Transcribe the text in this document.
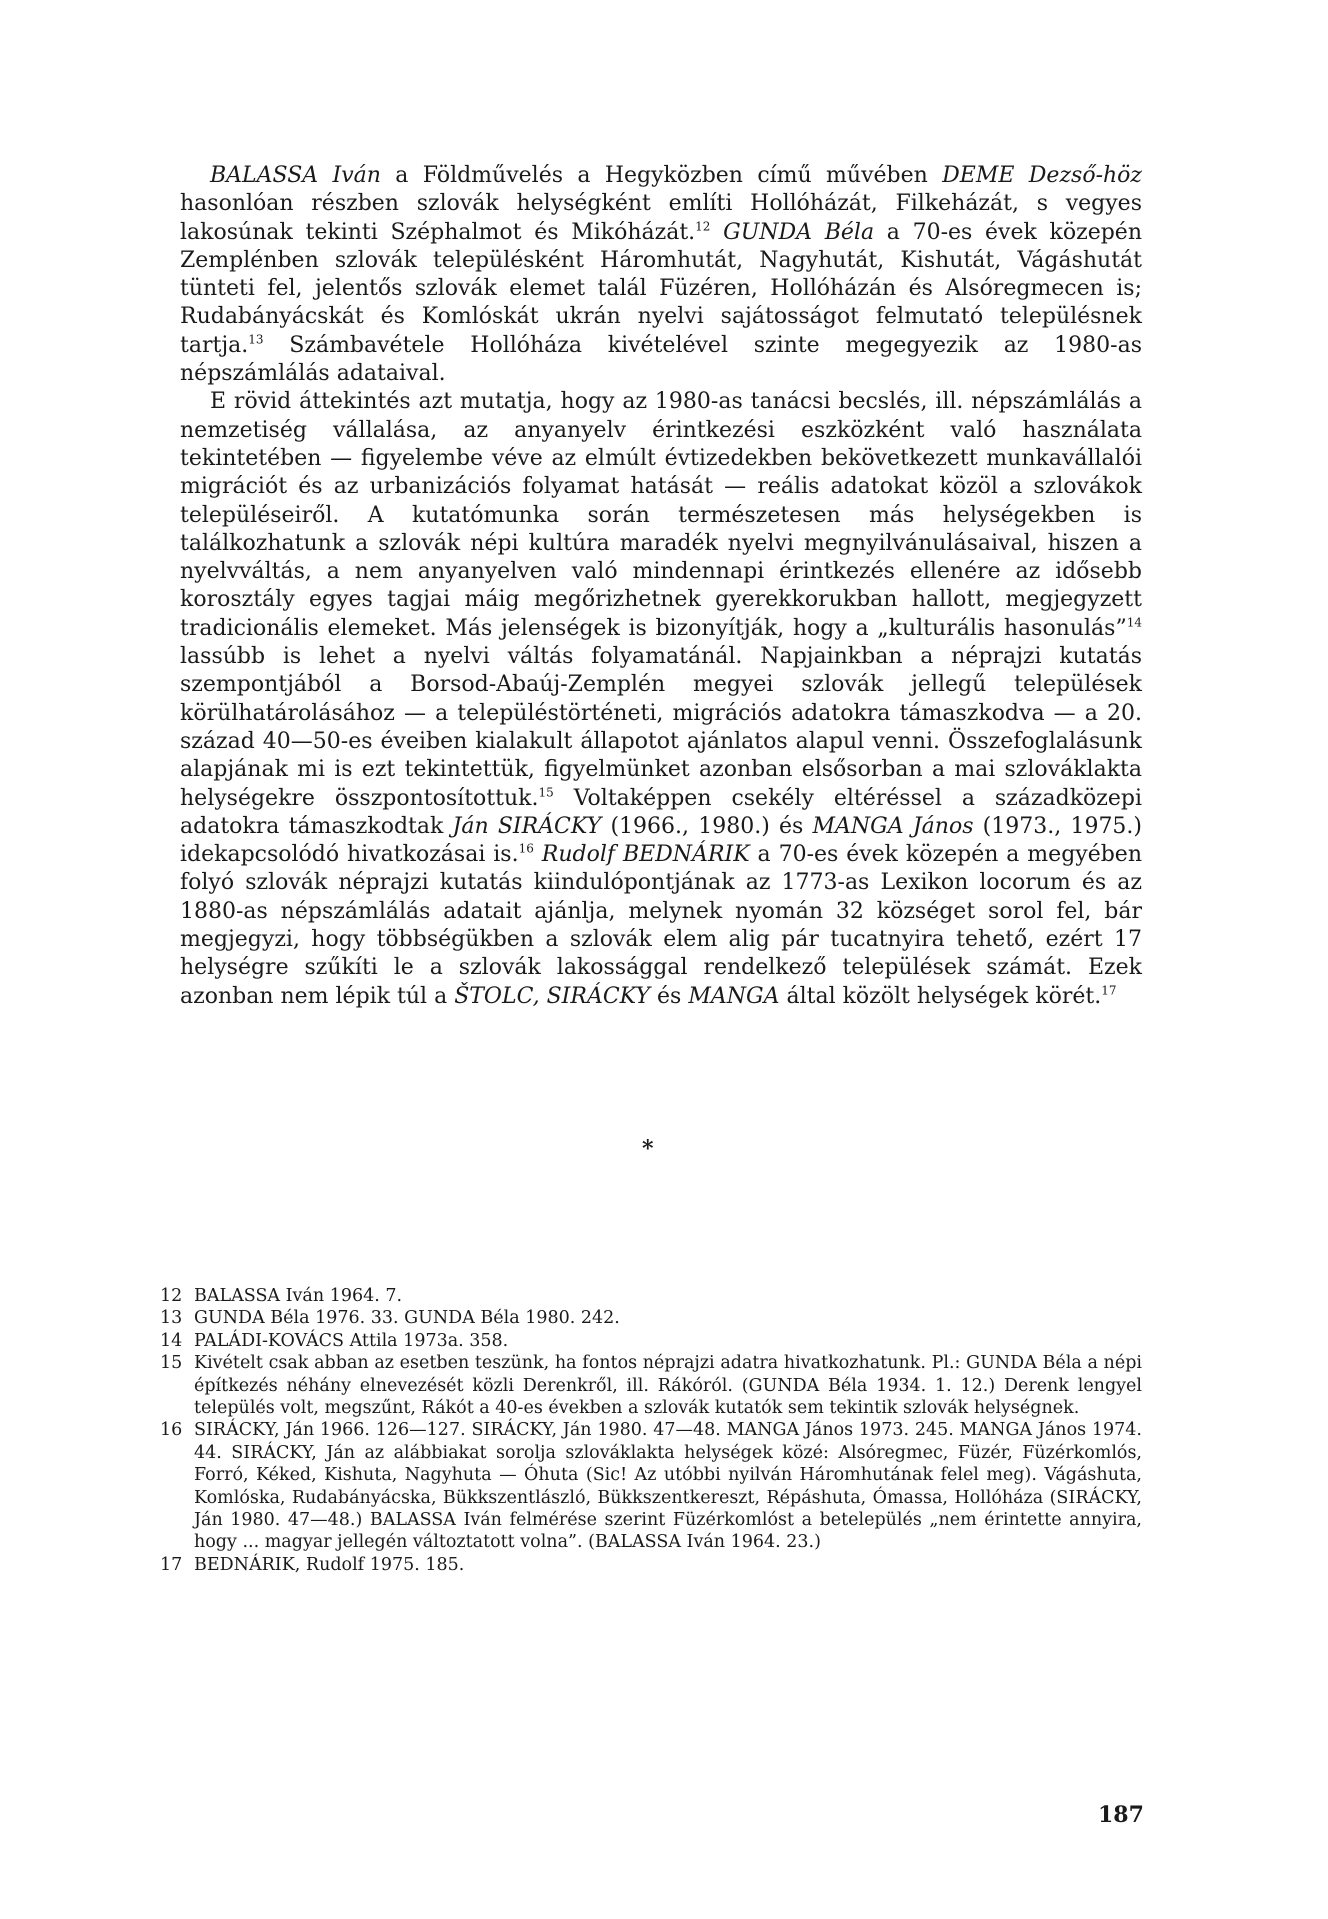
BALASSA Iván a Földművelés a Hegyközben című művében DEME Dezső-höz hasonlóan részben szlovák helységként említi Hollóházát, Filkeházát, s vegyes lakosúnak tekinti Széphalmot és Mikóházát.$^{12}$ GUNDA Béla a 70-es évek közepén Zemplénben szlovák településként Háromhutát, Nagyhutát, Kishutát, Vágáshutát tünteti fel, jelentős szlovák elemet talál Füzéren, Hollóházán és Alsóregmecen is; Rudabányácskát és Komlóskát ukrán nyelvi sajátosságot felmutató településnek tartja.$^{13}$ Számbavétele Hollóháza kivételével szinte megegyezik az 1980-as népszámlálás adataival.

E rövid áttekintés azt mutatja, hogy az 1980-as tanácsi becslés, ill. népszámlálás a nemzetiség vállalása, az anyanyelv érintkezési eszközként való használata tekintetében — figyelembe véve az elmúlt évtizedekben bekövetkezett munkavállalói migrációt és az urbanizációs folyamat hatását — reális adatokat közöl a szlovákok településeiről. A kutatómunka során természetesen más helységekben is találkozhatunk a szlovák népi kultúra maradék nyelvi megnyilvánulásaival, hiszen a nyelvváltás, a nem anyanyelven való mindennapi érintkezés ellenére az idősebb korosztály egyes tagjai máig megőrizhetnek gyerekkorukban hallott, megjegyzett tradicionális elemeket. Más jelenségek is bizonyítják, hogy a „kulturális hasonulás”$^{14}$ lassúbb is lehet a nyelvi váltás folyamatánál. Napjainkban a néprajzi kutatás szempontjából a Borsod-Abaúj-Zemplén megyei szlovák jellegű települések körülhatárolásához — a településtörténeti, migrációs adatokra támaszkodva — a 20. század 40—50-es éveiben kialakult állapotot ajánlatos alapul venni. Összefoglalásunk alapjának mi is ezt tekintettük, figyelmünket azonban elsősorban a mai szlováklakta helységekre összpontosítottuk.$^{15}$ Voltaképpen csekély eltéréssel a századközepi adatokra támaszkodtak Ján SIRÁCKY (1966., 1980.) és MANGA János (1973., 1975.) idekapcsolódó hivatkozásai is.$^{16}$ Rudolf BEDNÁRIK a 70-es évek közepén a megyében folyó szlovák néprajzi kutatás kiindulópontjának az 1773-as Lexikon locorum és az 1880-as népszámlálás adatait ajánlja, melynek nyomán 32 községet sorol fel, bár megjegyzi, hogy többségükben a szlovák elem alig pár tucatnyira tehető, ezért 17 helységre szűkíti le a szlovák lakossággal rendelkező települések számát. Ezek azonban nem lépik túl a ŠTOLC, SIRÁCKY és MANGA által közölt helységek körét.$^{17}$

*
12 BALASSA Iván 1964. 7.
13 GUNDA Béla 1976. 33. GUNDA Béla 1980. 242.
14 PALÁDI-KOVÁCS Attila 1973a. 358.
15 Kivételt csak abban az esetben teszünk, ha fontos néprajzi adatra hivatkozhatunk. Pl.: GUNDA Béla a népi építkezés néhány elnevezését közli Derenkről, ill. Rákóról. (GUNDA Béla 1934. 1. 12.) Derenk lengyel település volt, megszűnt, Rákót a 40-es években a szlovák kutatók sem tekintik szlovák helységnek.
16 SIRÁCKY, Ján 1966. 126—127. SIRÁCKY, Ján 1980. 47—48. MANGA János 1973. 245. MANGA János 1974. 44. SIRÁCKY, Ján az alábbiakat sorolja szlováklakta helységek közé: Alsóregmec, Füzér, Füzérkomlós, Forró, Kéked, Kishuta, Nagyhuta — Óhuta (Sic! Az utóbbi nyilván Háromhutának felel meg). Vágáshuta, Komlóska, Rudabányácska, Bükkszentlászló, Bükkszentkereszt, Répáshuta, Ómassa, Hollóháza (SIRÁCKY, Ján 1980. 47—48.) BALASSA Iván felmérése szerint Füzérkomlóst a betelepülés „nem érintette annyira, hogy ... magyar jellegén változtatott volna”. (BALASSA Iván 1964. 23.)
17 BEDNÁRIK, Rudolf 1975. 185.
187
